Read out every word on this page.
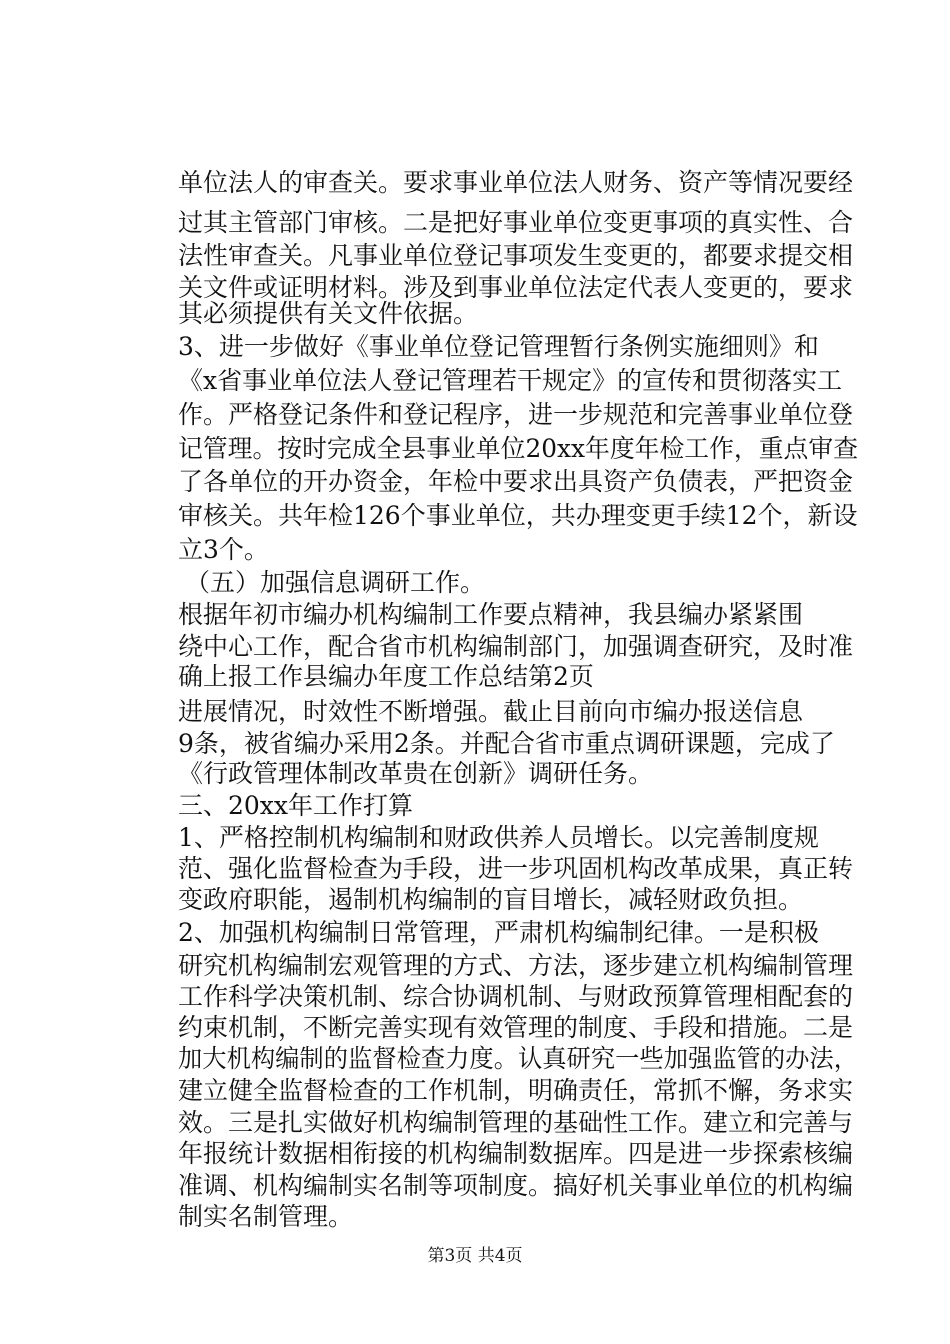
单位法人的审查关。要求事业单位法人财务、资产等情况要经
过其主管部门审核。二是把好事业单位变更事项的真实性、合
法性审查关。凡事业单位登记事项发生变更的，都要求提交相
关文件或证明材料。涉及到事业单位法定代表人变更的，要求
其必须提供有关文件依据。
3、进一步做好《事业单位登记管理暂行条例实施细则》和
《x省事业单位法人登记管理若干规定》的宣传和贯彻落实工
作。严格登记条件和登记程序，进一步规范和完善事业单位登
记管理。按时完成全县事业单位20xx年度年检工作，重点审查
了各单位的开办资金，年检中要求出具资产负债表，严把资金
审核关。共年检126个事业单位，共办理变更手续12个，新设
立3个。
（五）加强信息调研工作。
根据年初市编办机构编制工作要点精神，我县编办紧紧围
绕中心工作，配合省市机构编制部门，加强调查研究，及时准
确上报工作县编办年度工作总结第2页
进展情况，时效性不断增强。截止目前向市编办报送信息
9条，被省编办采用2条。并配合省市重点调研课题，完成了
《行政管理体制改革贵在创新》调研任务。
三、20xx年工作打算
1、严格控制机构编制和财政供养人员增长。以完善制度规
范、强化监督检查为手段，进一步巩固机构改革成果，真正转
变政府职能，遏制机构编制的盲目增长，减轻财政负担。
2、加强机构编制日常管理，严肃机构编制纪律。一是积极
研究机构编制宏观管理的方式、方法，逐步建立机构编制管理
工作科学决策机制、综合协调机制、与财政预算管理相配套的
约束机制，不断完善实现有效管理的制度、手段和措施。二是
加大机构编制的监督检查力度。认真研究一些加强监管的办法，
建立健全监督检查的工作机制，明确责任，常抓不懈，务求实
效。三是扎实做好机构编制管理的基础性工作。建立和完善与
年报统计数据相衔接的机构编制数据库。四是进一步探索核编
准调、机构编制实名制等项制度。搞好机关事业单位的机构编
制实名制管理。
第3页 共4页
